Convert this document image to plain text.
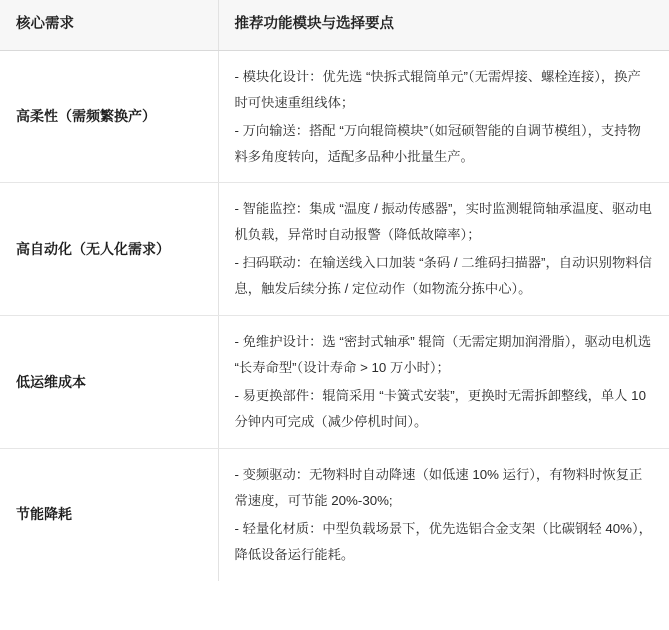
核心需求	推荐功能模块与选择要点
高柔性（需频繁换产）	- 模块化设计：优先选 “快拆式辊筒单元”（无需焊接、螺栓连接），换产时可快速重组线体；

- 万向输送：搭配 “万向辊筒模块”（如冠硕智能的自调节模组），支持物料多角度转向，适配多品种小批量生产。

高自动化（无人化需求）	- 智能监控：集成 “温度 / 振动传感器”，实时监测辊筒轴承温度、驱动电机负载，异常时自动报警（降低故障率）；

- 扫码联动：在输送线入口加装 “条码 / 二维码扫描器”，自动识别物料信息，触发后续分拣 / 定位动作（如物流分拣中心）。

低运维成本	- 免维护设计：选 “密封式轴承” 辊筒（无需定期加润滑脂），驱动电机选 “长寿命型”（设计寿命 > 10 万小时）；

- 易更换部件：辊筒采用 “卡簧式安装”，更换时无需拆卸整线，单人 10 分钟内可完成（减少停机时间）。

节能降耗	- 变频驱动：无物料时自动降速（如低速 10% 运行），有物料时恢复正常速度，可节能 20%-30%;

- 轻量化材质：中型负载场景下，优先选铝合金支架（比碳钢轻 40%），降低设备运行能耗。
